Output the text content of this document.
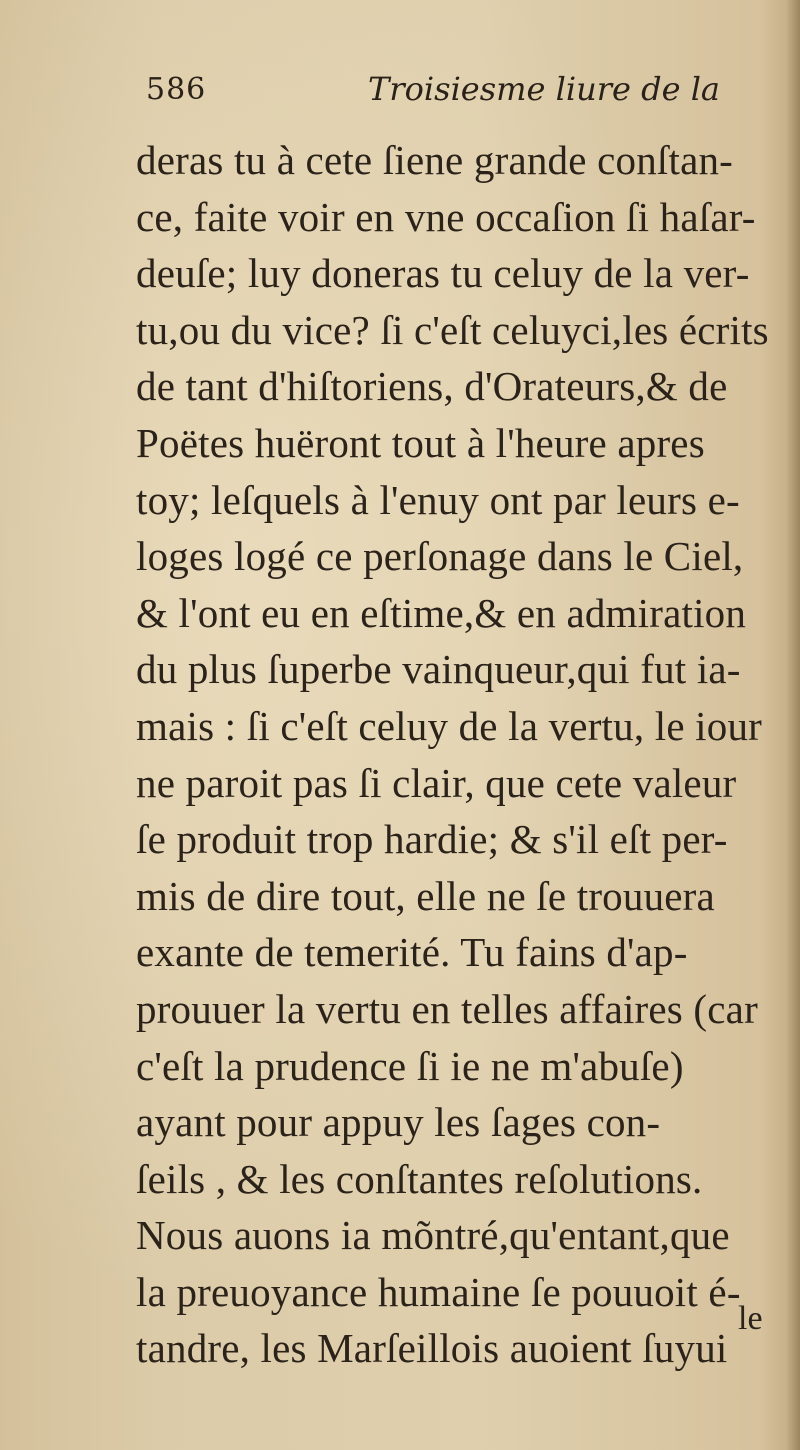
586	Troisiesme liure de la
deras tu à cete ſiene grande conſtan-
ce, faite voir en vne occaſion ſi haſar-
deuſe; luy doneras tu celuy de la ver-
tu,ou du vice? ſi c'eſt celuyci,les écrits
de tant d'hiſtoriens, d'Orateurs,& de
Poëtes huëront tout à l'heure apres
toy; leſquels à l'enuy ont par leurs e-
loges logé ce perſonage dans le Ciel,
& l'ont eu en eſtime,& en admiration
du plus ſuperbe vainqueur,qui fut ia-
mais : ſi c'eſt celuy de la vertu, le iour
ne paroit pas ſi clair, que cete valeur
ſe produit trop hardie; & s'il eſt per-
mis de dire tout, elle ne ſe trouuera
exante de temerité. Tu fains d'ap-
prouuer la vertu en telles affaires (car
c'eſt la prudence ſi ie ne m'abuſe)
ayant pour appuy les ſages con-
ſeils , & les conſtantes reſolutions.
Nous auons ia mõntré,qu'entant,que
la preuoyance humaine ſe pouuoit é-
tandre, les Marſeillois auoient ſuyui
le
